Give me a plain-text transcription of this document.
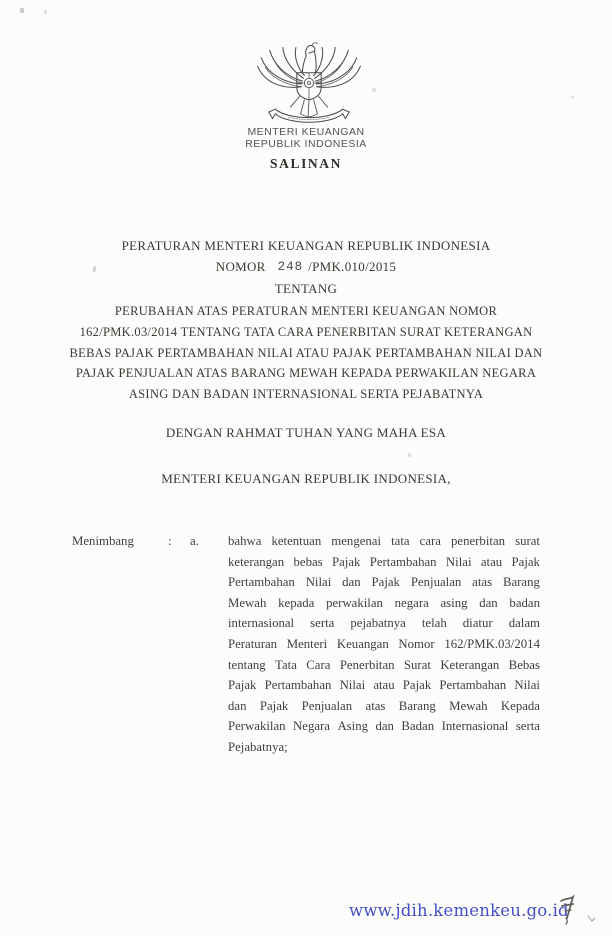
MENTERI KEUANGAN
REPUBLIK INDONESIA
SALINAN
PERATURAN MENTERI KEUANGAN REPUBLIK INDONESIA
NOMOR 248 /PMK.010/2015
TENTANG
PERUBAHAN ATAS PERATURAN MENTERI KEUANGAN NOMOR
162/PMK.03/2014 TENTANG TATA CARA PENERBITAN SURAT KETERANGAN
BEBAS PAJAK PERTAMBAHAN NILAI ATAU PAJAK PERTAMBAHAN NILAI DAN
PAJAK PENJUALAN ATAS BARANG MEWAH KEPADA PERWAKILAN NEGARA
ASING DAN BADAN INTERNASIONAL SERTA PEJABATNYA
DENGAN RAHMAT TUHAN YANG MAHA ESA
MENTERI KEUANGAN REPUBLIK INDONESIA,
Menimbang	:	a.	bahwa ketentuan mengenai tata cara penerbitan surat
keterangan bebas Pajak Pertambahan Nilai atau Pajak
Pertambahan Nilai dan Pajak Penjualan atas Barang
Mewah kepada perwakilan negara asing dan badan
internasional serta pejabatnya telah diatur dalam
Peraturan Menteri Keuangan Nomor 162/PMK.03/2014
tentang Tata Cara Penerbitan Surat Keterangan Bebas
Pajak Pertambahan Nilai atau Pajak Pertambahan Nilai
dan Pajak Penjualan atas Barang Mewah Kepada
Perwakilan Negara Asing dan Badan Internasional serta
Pejabatnya;
www.jdih.kemenkeu.go.id
